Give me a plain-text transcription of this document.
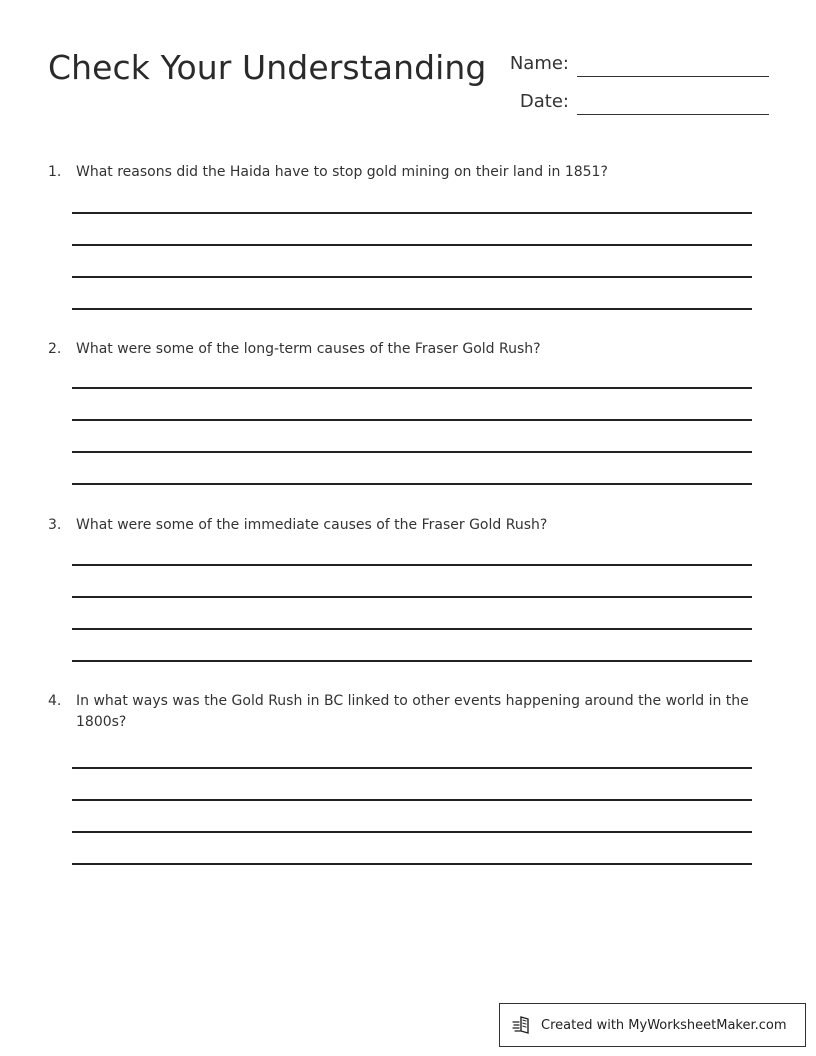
Check Your Understanding Name:
Date:
1.	What reasons did the Haida have to stop gold mining on their land in 1851?
2.	What were some of the long-term causes of the Fraser Gold Rush?
3.	What were some of the immediate causes of the Fraser Gold Rush?
4.	In what ways was the Gold Rush in BC linked to other events happening around the world in the 1800s?
Created with MyWorksheetMaker.com
